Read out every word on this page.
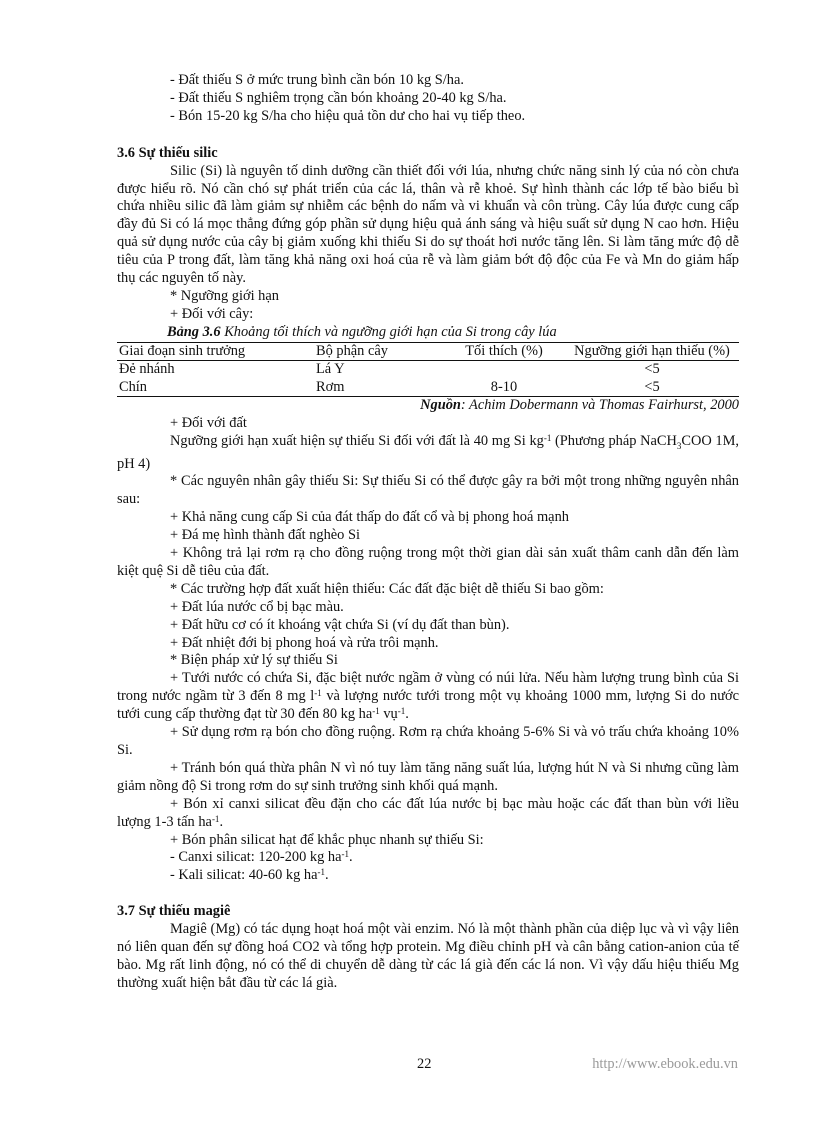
- Đất thiếu S ở mức trung bình cần bón 10 kg S/ha.

- Đất thiếu S nghiêm trọng cần bón khoảng 20-40 kg S/ha.

- Bón 15-20 kg S/ha cho hiệu quả tồn dư cho hai vụ tiếp theo.

3.6 Sự thiếu silic

Silic (Si) là nguyên tố dinh dưỡng cần thiết đối với lúa, nhưng chức năng sinh lý của nó còn chưa được hiểu rõ. Nó cần chó sự phát triển của các lá, thân và rễ khoẻ. Sự hình thành các lớp tế bào biểu bì chứa nhiều silic đã làm giảm sự nhiễm các bệnh do nấm và vi khuẩn và côn trùng. Cây lúa được cung cấp đầy đủ Si có lá mọc thẳng đứng góp phần sử dụng hiệu quả ánh sáng và hiệu suất sử dụng N cao hơn. Hiệu quả sử dụng nước của cây bị giảm xuống khi thiếu Si do sự thoát hơi nước tăng lên. Si làm tăng mức độ dễ tiêu của P trong đất, làm tăng khả năng oxi hoá của rễ và làm giảm bớt độ độc của Fe và Mn do giảm hấp thụ các nguyên tố này.

* Ngưỡng giới hạn

+ Đối với cây:

Bảng 3.6 Khoảng tối thích và ngưỡng giới hạn của Si trong cây lúa

Giai đoạn sinh trưởng	Bộ phận cây	Tối thích (%)	Ngưỡng giới hạn thiếu (%)
Đẻ nhánh	Lá Y		<5
Chín	Rơm	8-10	<5

Nguồn: Achim Dobermann và Thomas Fairhurst, 2000

+ Đối với đất

Ngưỡng giới hạn xuất hiện sự thiếu Si đối với đất là 40 mg Si $kg^{-1}$ (Phương pháp NaCH$_3$COO 1M, pH 4)

* Các nguyên nhân gây thiếu Si: Sự thiếu Si có thể được gây ra bởi một trong những nguyên nhân sau:

+ Khả năng cung cấp Si của đát thấp do đất cổ và bị phong hoá mạnh

+ Đá mẹ hình thành đất nghèo Si

+ Không trả lại rơm rạ cho đồng ruộng trong một thời gian dài sản xuất thâm canh dẫn đến làm kiệt quệ Si dễ tiêu của đất.

* Các trường hợp đất xuất hiện thiếu: Các đất đặc biệt dễ thiếu Si bao gồm:

+ Đất lúa nước cổ bị bạc màu.

+ Đất hữu cơ có ít khoáng vật chứa Si (ví dụ đất than bùn).

+ Đất nhiệt đới bị phong hoá và rửa trôi mạnh.

* Biện pháp xử lý sự thiếu Si

+ Tưới nước có chứa Si, đặc biệt nước ngầm ở vùng có núi lửa. Nếu hàm lượng trung bình của Si trong nước ngầm từ 3 đến 8 mg $l^{-1}$ và lượng nước tưới trong một vụ khoảng 1000 mm, lượng Si do nước tưới cung cấp thường đạt từ 30 đến 80 kg $ha^{-1}$ vụ$^{-1}$.

+ Sử dụng rơm rạ bón cho đồng ruộng. Rơm rạ chứa khoảng 5-6% Si và vỏ trấu chứa khoảng 10% Si.

+ Tránh bón quá thừa phân N vì nó tuy làm tăng năng suất lúa, lượng hút N và Si nhưng cũng làm giảm nồng độ Si trong rơm do sự sinh trưởng sinh khối quá mạnh.

+ Bón xỉ canxi silicat đều đặn cho các đất lúa nước bị bạc màu hoặc các đất than bùn với liều lượng 1-3 tấn $ha^{-1}$.

+ Bón phân silicat hạt để khắc phục nhanh sự thiếu Si:

- Canxi silicat: 120-200 kg $ha^{-1}$.

- Kali silicat: 40-60 kg $ha^{-1}$.

3.7 Sự thiếu magiê

Magiê (Mg) có tác dụng hoạt hoá một vài enzim. Nó là một thành phần của diệp lục và vì vậy liên nó liên quan đến sự đồng hoá CO2 và tổng hợp protein. Mg điều chỉnh pH và cân bằng cation-anion của tế bào. Mg rất linh động, nó có thể di chuyển dễ dàng từ các lá già đến các lá non. Vì vậy dấu hiệu thiếu Mg thường xuất hiện bắt đầu từ các lá già.

22	http://www.ebook.edu.vn
